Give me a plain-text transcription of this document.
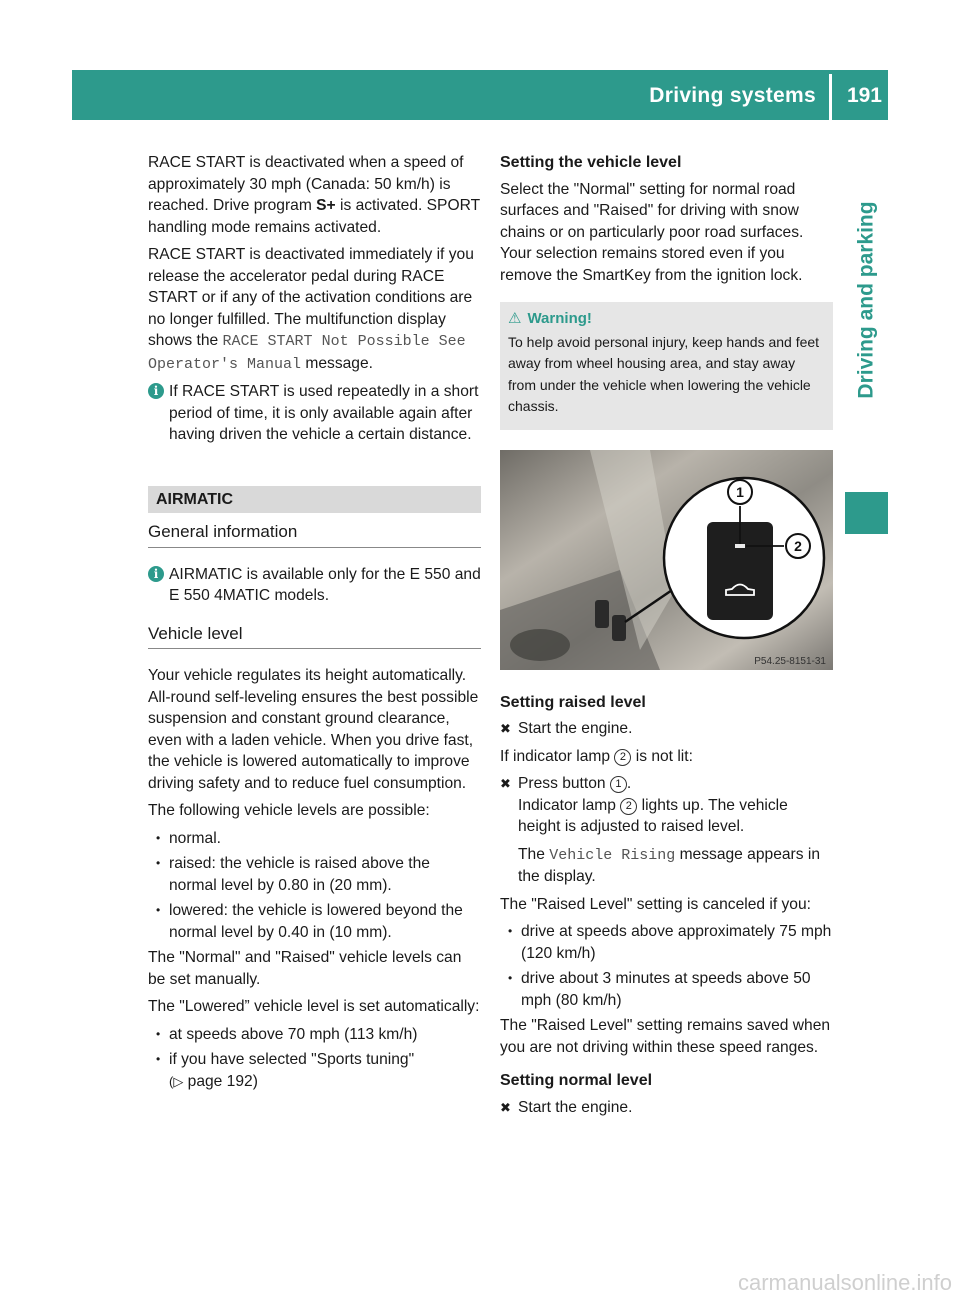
Driving systems 191
Driving and parking

RACE START is deactivated when a speed of approximately 30 mph (Canada: 50 km/h) is reached. Drive program S+ is activated. SPORT handling mode remains activated.

RACE START is deactivated immediately if you release the accelerator pedal during RACE START or if any of the activation conditions are no longer fulfilled. The multifunction display shows the RACE START Not Possible See Operator's Manual message.

i If RACE START is used repeatedly in a short period of time, it is only available again after having driven the vehicle a certain distance.
AIRMATIC
General information
i AIRMATIC is available only for the E 550 and E 550 4MATIC models.
Vehicle level

Your vehicle regulates its height automatically. All-round self-leveling ensures the best possible suspension and constant ground clearance, even with a laden vehicle. When you drive fast, the vehicle is lowered automatically to improve driving safety and to reduce fuel consumption.

The following vehicle levels are possible:

• normal.
• raised: the vehicle is raised above the normal level by 0.80 in (20 mm).
• lowered: the vehicle is lowered beyond the normal level by 0.40 in (10 mm).

The "Normal" and "Raised" vehicle levels can be set manually.

The "Lowered” vehicle level is set automatically:

• at speeds above 70 mph (113 km/h)
• if you have selected "Sports tuning"
(▷ page 192)
Setting the vehicle level

Select the "Normal" setting for normal road surfaces and "Raised" for driving with snow chains or on particularly poor road surfaces. Your selection remains stored even if you remove the SmartKey from the ignition lock.

⚠ Warning!
To help avoid personal injury, keep hands and feet away from wheel housing area, and stay away from under the vehicle when lowering the vehicle chassis.
1
2
P54.25-8151-31
Setting raised level
✖ Start the engine.

If indicator lamp 2 is not lit:

✖ Press button 1 .
Indicator lamp 2 lights up. The vehicle height is adjusted to raised level.

The Vehicle Rising message appears in the display.

The "Raised Level" setting is canceled if you:

• drive at speeds above approximately 75 mph (120 km/h)
• drive about 3 minutes at speeds above 50 mph (80 km/h)

The "Raised Level" setting remains saved when you are not driving within these speed ranges.

Setting normal level
✖ Start the engine.
carmanualsonline.info
